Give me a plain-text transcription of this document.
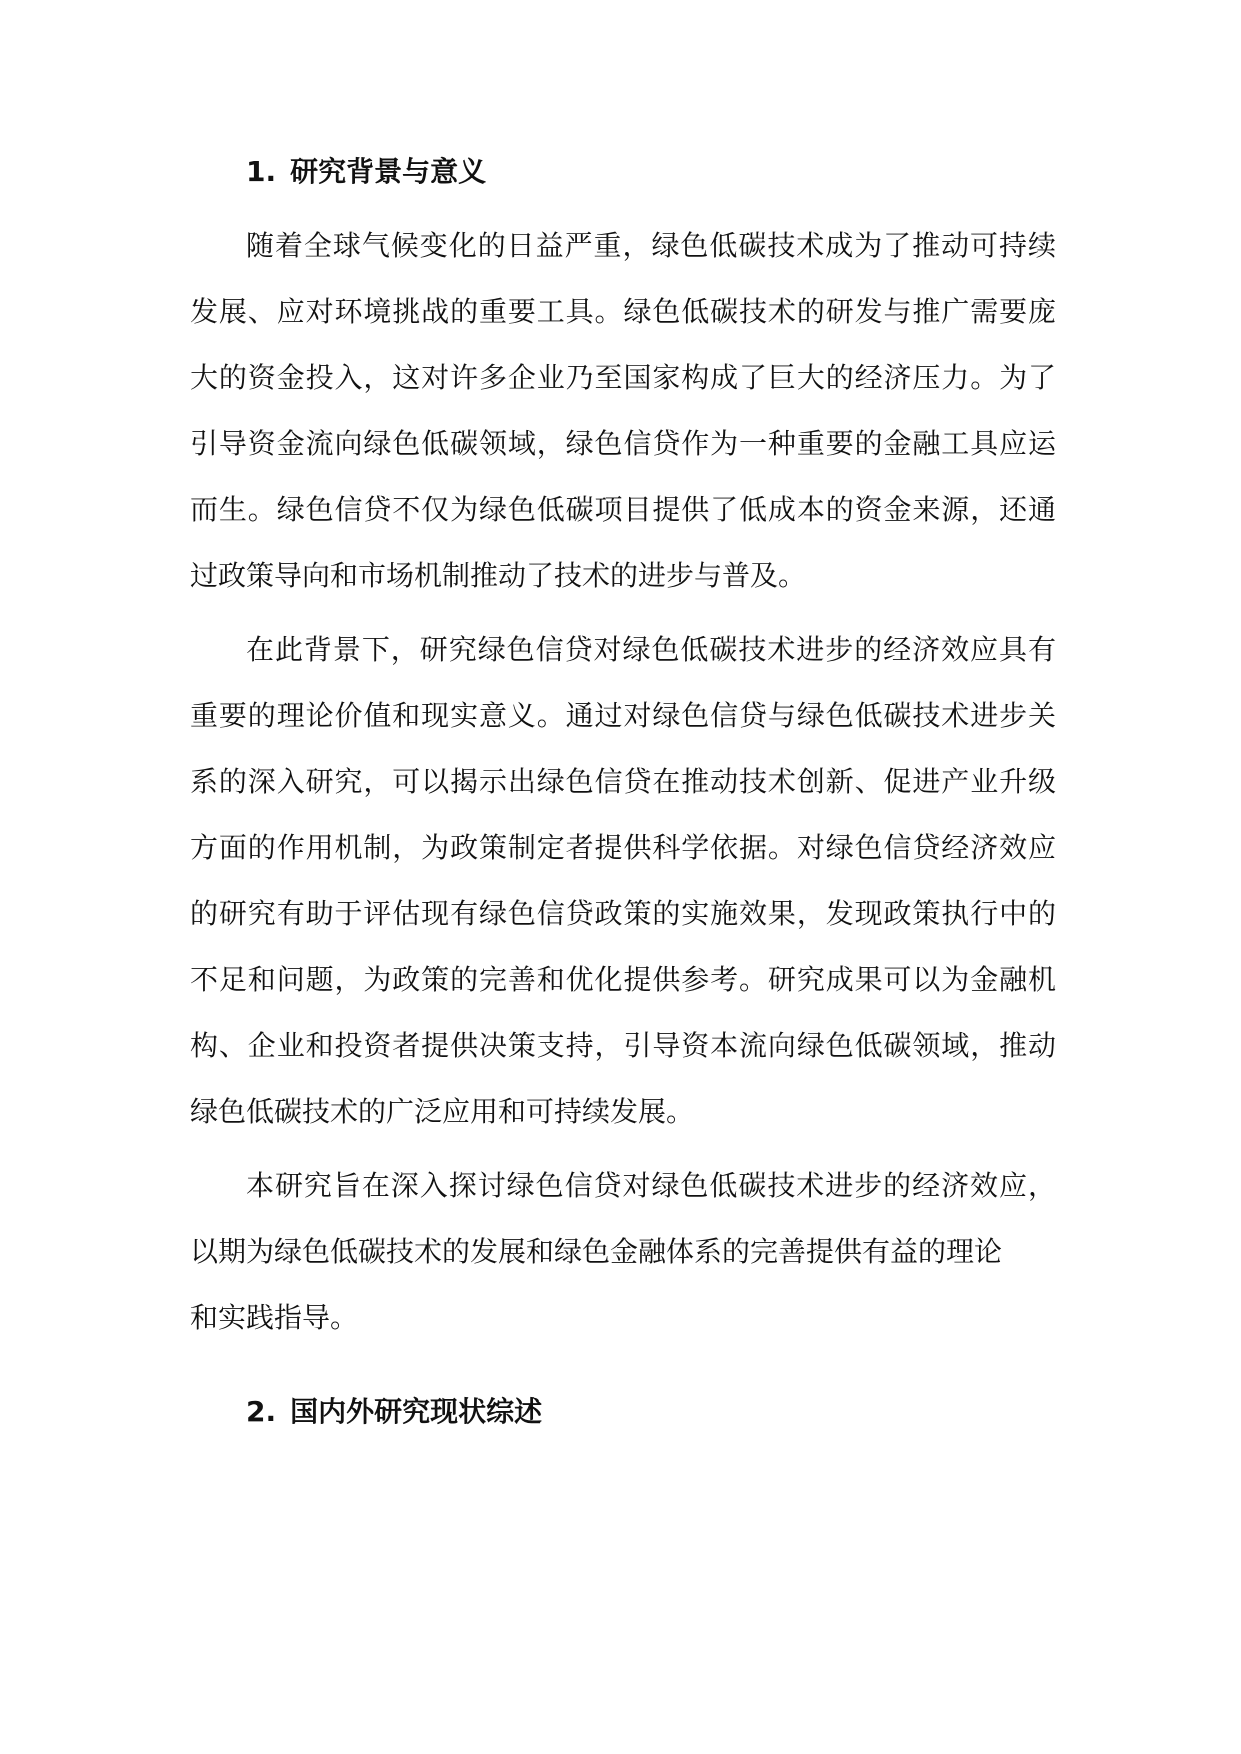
1. 研究背景与意义

随着全球气候变化的日益严重，绿色低碳技术成为了推动可持续

发展、应对环境挑战的重要工具。绿色低碳技术的研发与推广需要庞

大的资金投入，这对许多企业乃至国家构成了巨大的经济压力。为了

引导资金流向绿色低碳领域，绿色信贷作为一种重要的金融工具应运

而生。绿色信贷不仅为绿色低碳项目提供了低成本的资金来源，还通

过政策导向和市场机制推动了技术的进步与普及。

在此背景下，研究绿色信贷对绿色低碳技术进步的经济效应具有

重要的理论价值和现实意义。通过对绿色信贷与绿色低碳技术进步关

系的深入研究，可以揭示出绿色信贷在推动技术创新、促进产业升级

方面的作用机制，为政策制定者提供科学依据。对绿色信贷经济效应

的研究有助于评估现有绿色信贷政策的实施效果，发现政策执行中的

不足和问题，为政策的完善和优化提供参考。研究成果可以为金融机

构、企业和投资者提供决策支持，引导资本流向绿色低碳领域，推动

绿色低碳技术的广泛应用和可持续发展。

本研究旨在深入探讨绿色信贷对绿色低碳技术进步的经济效应，

以期为绿色低碳技术的发展和绿色金融体系的完善提供有益的理论

和实践指导。

2. 国内外研究现状综述
